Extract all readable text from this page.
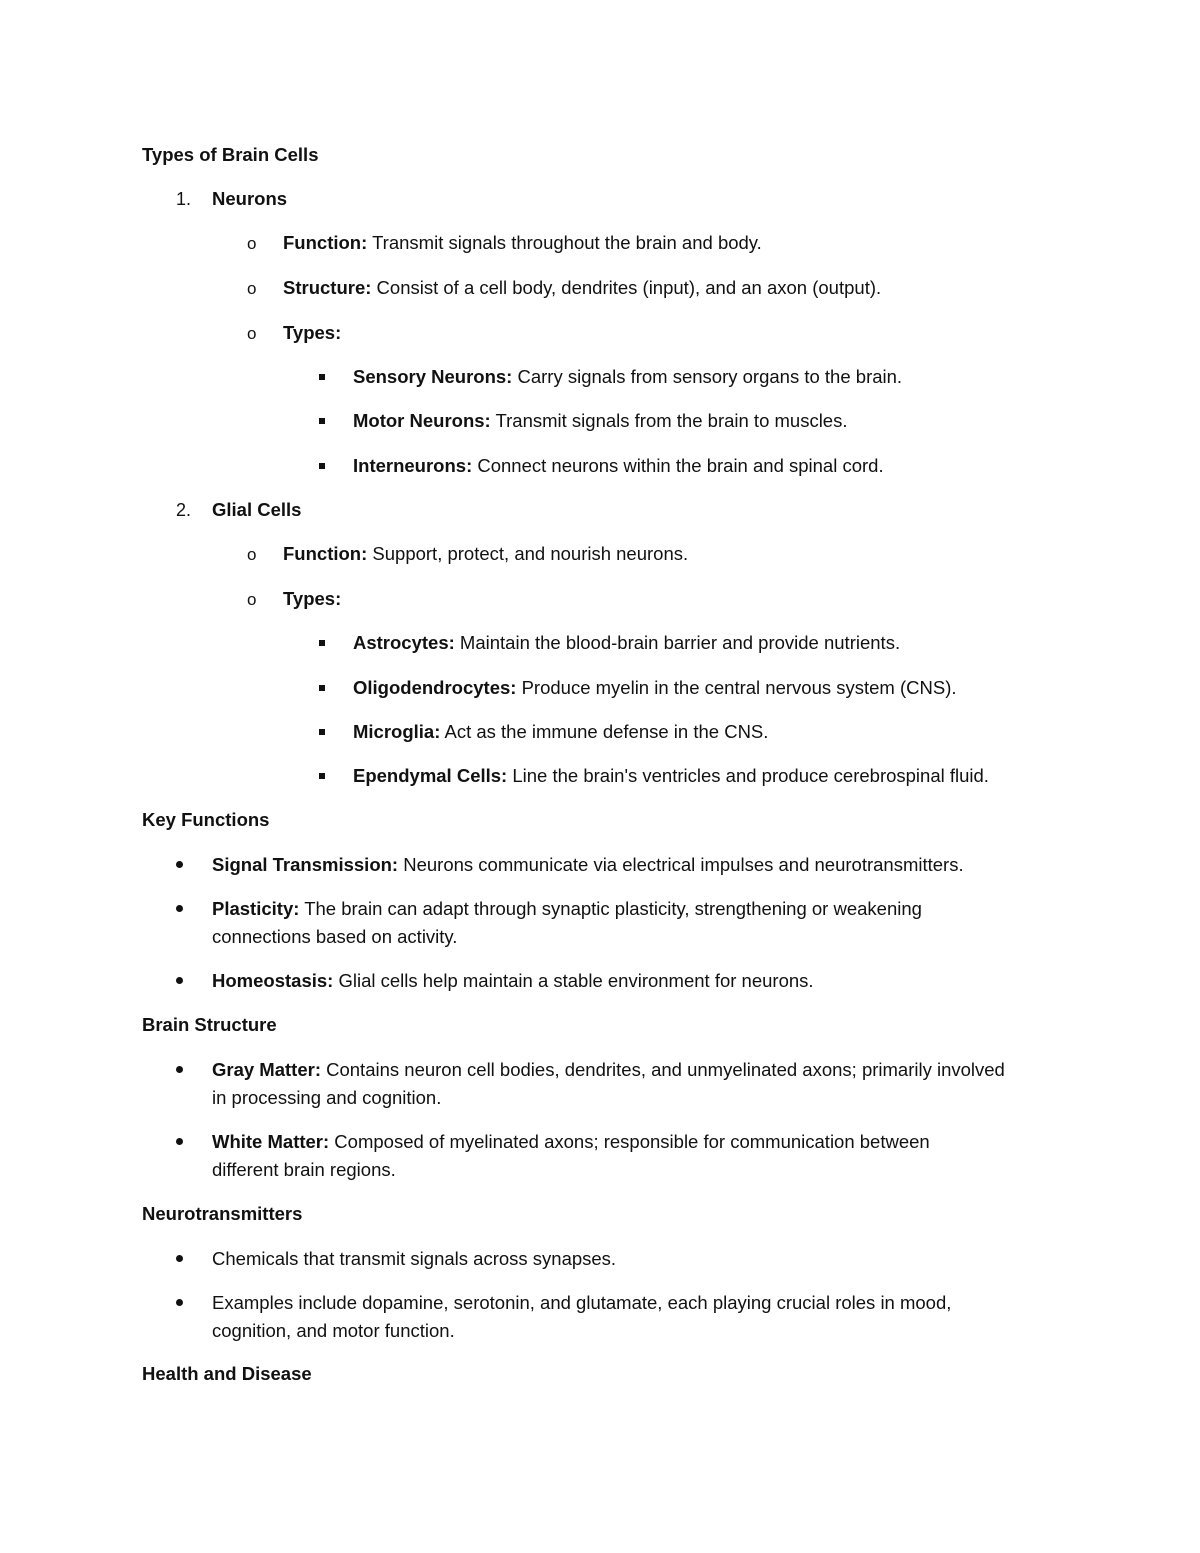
Types of Brain Cells
1. Neurons
o Function: Transmit signals throughout the brain and body.
o Structure: Consist of a cell body, dendrites (input), and an axon (output).
o Types:
Sensory Neurons: Carry signals from sensory organs to the brain.
Motor Neurons: Transmit signals from the brain to muscles.
Interneurons: Connect neurons within the brain and spinal cord.
2. Glial Cells
o Function: Support, protect, and nourish neurons.
o Types:
Astrocytes: Maintain the blood-brain barrier and provide nutrients.
Oligodendrocytes: Produce myelin in the central nervous system (CNS).
Microglia: Act as the immune defense in the CNS.
Ependymal Cells: Line the brain's ventricles and produce cerebrospinal fluid.
Key Functions
Signal Transmission: Neurons communicate via electrical impulses and neurotransmitters.
Plasticity: The brain can adapt through synaptic plasticity, strengthening or weakening
connections based on activity.
Homeostasis: Glial cells help maintain a stable environment for neurons.
Brain Structure
Gray Matter: Contains neuron cell bodies, dendrites, and unmyelinated axons; primarily involved
in processing and cognition.
White Matter: Composed of myelinated axons; responsible for communication between
different brain regions.
Neurotransmitters
Chemicals that transmit signals across synapses.
Examples include dopamine, serotonin, and glutamate, each playing crucial roles in mood,
cognition, and motor function.
Health and Disease
